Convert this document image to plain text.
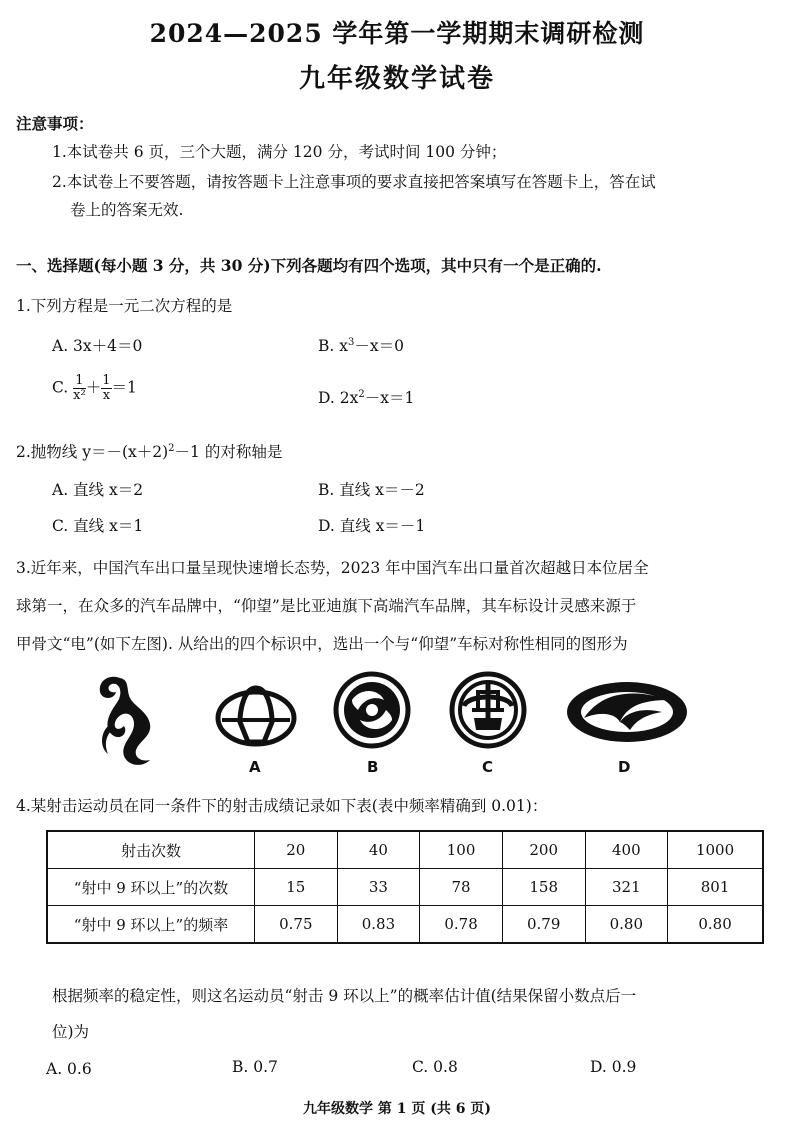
2024—2025 学年第一学期期末调研检测
九年级数学试卷
注意事项：
1.本试卷共 6 页，三个大题，满分 120 分，考试时间 100 分钟；
2.本试卷上不要答题，请按答题卡上注意事项的要求直接把答案填写在答题卡上，答在试
卷上的答案无效.
一、选择题(每小题 3 分，共 30 分)下列各题均有四个选项，其中只有一个是正确的.
1.下列方程是一元二次方程的是
A. 3x＋4＝0	B. $x^3-x=0$
C. $\frac{1}{\text{x²}} + \frac{1}{x} =1$
D. $2x^2-x=1$
2.抛物线 $y=-(x+2)^2-1$ 的对称轴是
A. 直线 x＝2	B. 直线 x＝－2
C. 直线 x＝1	D. 直线 x＝－1
3.近年来，中国汽车出口量呈现快速增长态势，2023 年中国汽车出口量首次超越日本位居全
球第一，在众多的汽车品牌中，“仰望”是比亚迪旗下高端汽车品牌，其车标设计灵感来源于
甲骨文“电”(如下左图). 从给出的四个标识中，选出一个与“仰望”车标对称性相同的图形为
A	B	C	D
4.某射击运动员在同一条件下的射击成绩记录如下表(表中频率精确到 0.01)：
射击次数	20	40	100	200	400	1000
“射中 9 环以上”的次数	15	33	78	158	321	801
“射中 9 环以上”的频率	0.75	0.83	0.78	0.79	0.80	0.80
根据频率的稳定性，则这名运动员“射击 9 环以上”的概率估计值(结果保留小数点后一
位)为
A. 0.6	B. 0.7	C. 0.8	D. 0.9
九年级数学 第 1 页 (共 6 页)
